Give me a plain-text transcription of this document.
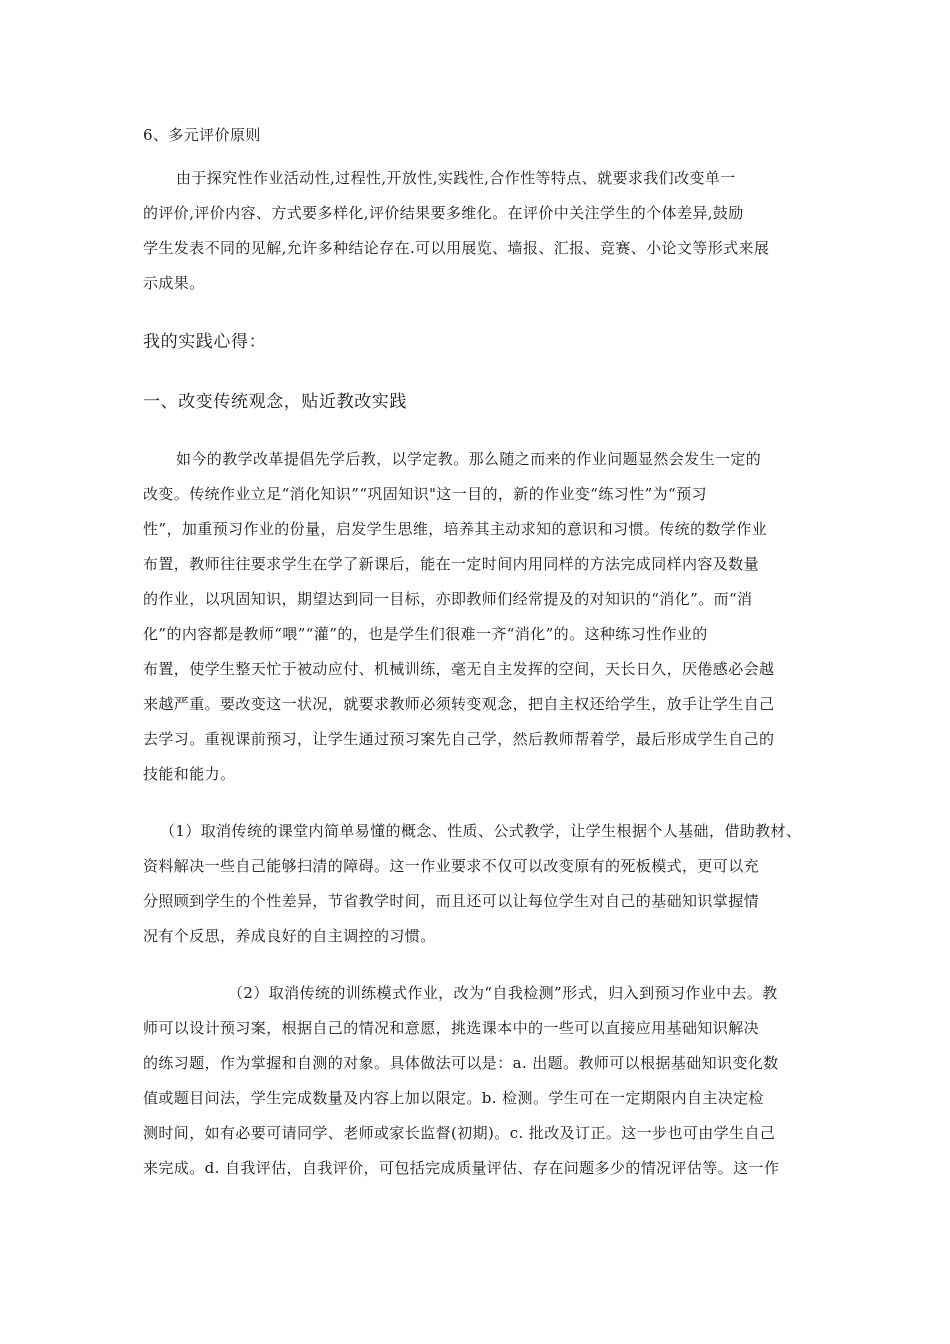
6、多元评价原则
由于探究性作业活动性,过程性,开放性,实践性,合作性等特点、就要求我们改变单一
的评价,评价内容、方式要多样化,评价结果要多维化。在评价中关注学生的个体差异,鼓励
学生发表不同的见解,允许多种结论存在.可以用展览、墙报、汇报、竞赛、小论文等形式来展
示成果。
我的实践心得：
一、改变传统观念，贴近教改实践
如今的教学改革提倡先学后教，以学定教。那么随之而来的作业问题显然会发生一定的
改变。传统作业立足“消化知识”“巩固知识"这一目的，新的作业变“练习性”为“预习
性”，加重预习作业的份量，启发学生思维，培养其主动求知的意识和习惯。传统的数学作业
布置，教师往往要求学生在学了新课后，能在一定时间内用同样的方法完成同样内容及数量
的作业，以巩固知识，期望达到同一目标，亦即教师们经常提及的对知识的“消化”。而“消
化”的内容都是教师“喂”“灌”的，也是学生们很难一齐“消化”的。这种练习性作业的
布置，使学生整天忙于被动应付、机械训练，毫无自主发挥的空间，天长日久，厌倦感必会越
来越严重。要改变这一状况，就要求教师必须转变观念，把自主权还给学生，放手让学生自己
去学习。重视课前预习，让学生通过预习案先自己学，然后教师帮着学，最后形成学生自己的
技能和能力。
（1）取消传统的课堂内简单易懂的概念、性质、公式教学，让学生根据个人基础，借助教材、
资料解决一些自己能够扫清的障碍。这一作业要求不仅可以改变原有的死板模式，更可以充
分照顾到学生的个性差异，节省教学时间，而且还可以让每位学生对自己的基础知识掌握情
况有个反思，养成良好的自主调控的习惯。
（2）取消传统的训练模式作业，改为“自我检测”形式，归入到预习作业中去。教
师可以设计预习案，根据自己的情况和意愿，挑选课本中的一些可以直接应用基础知识解决
的练习题，作为掌握和自测的对象。具体做法可以是：a. 出题。教师可以根据基础知识变化数
值或题目问法，学生完成数量及内容上加以限定。b. 检测。学生可在一定期限内自主决定检
测时间，如有必要可请同学、老师或家长监督(初期)。c. 批改及订正。这一步也可由学生自己
来完成。d. 自我评估，自我评价，可包括完成质量评估、存在问题多少的情况评估等。这一作
